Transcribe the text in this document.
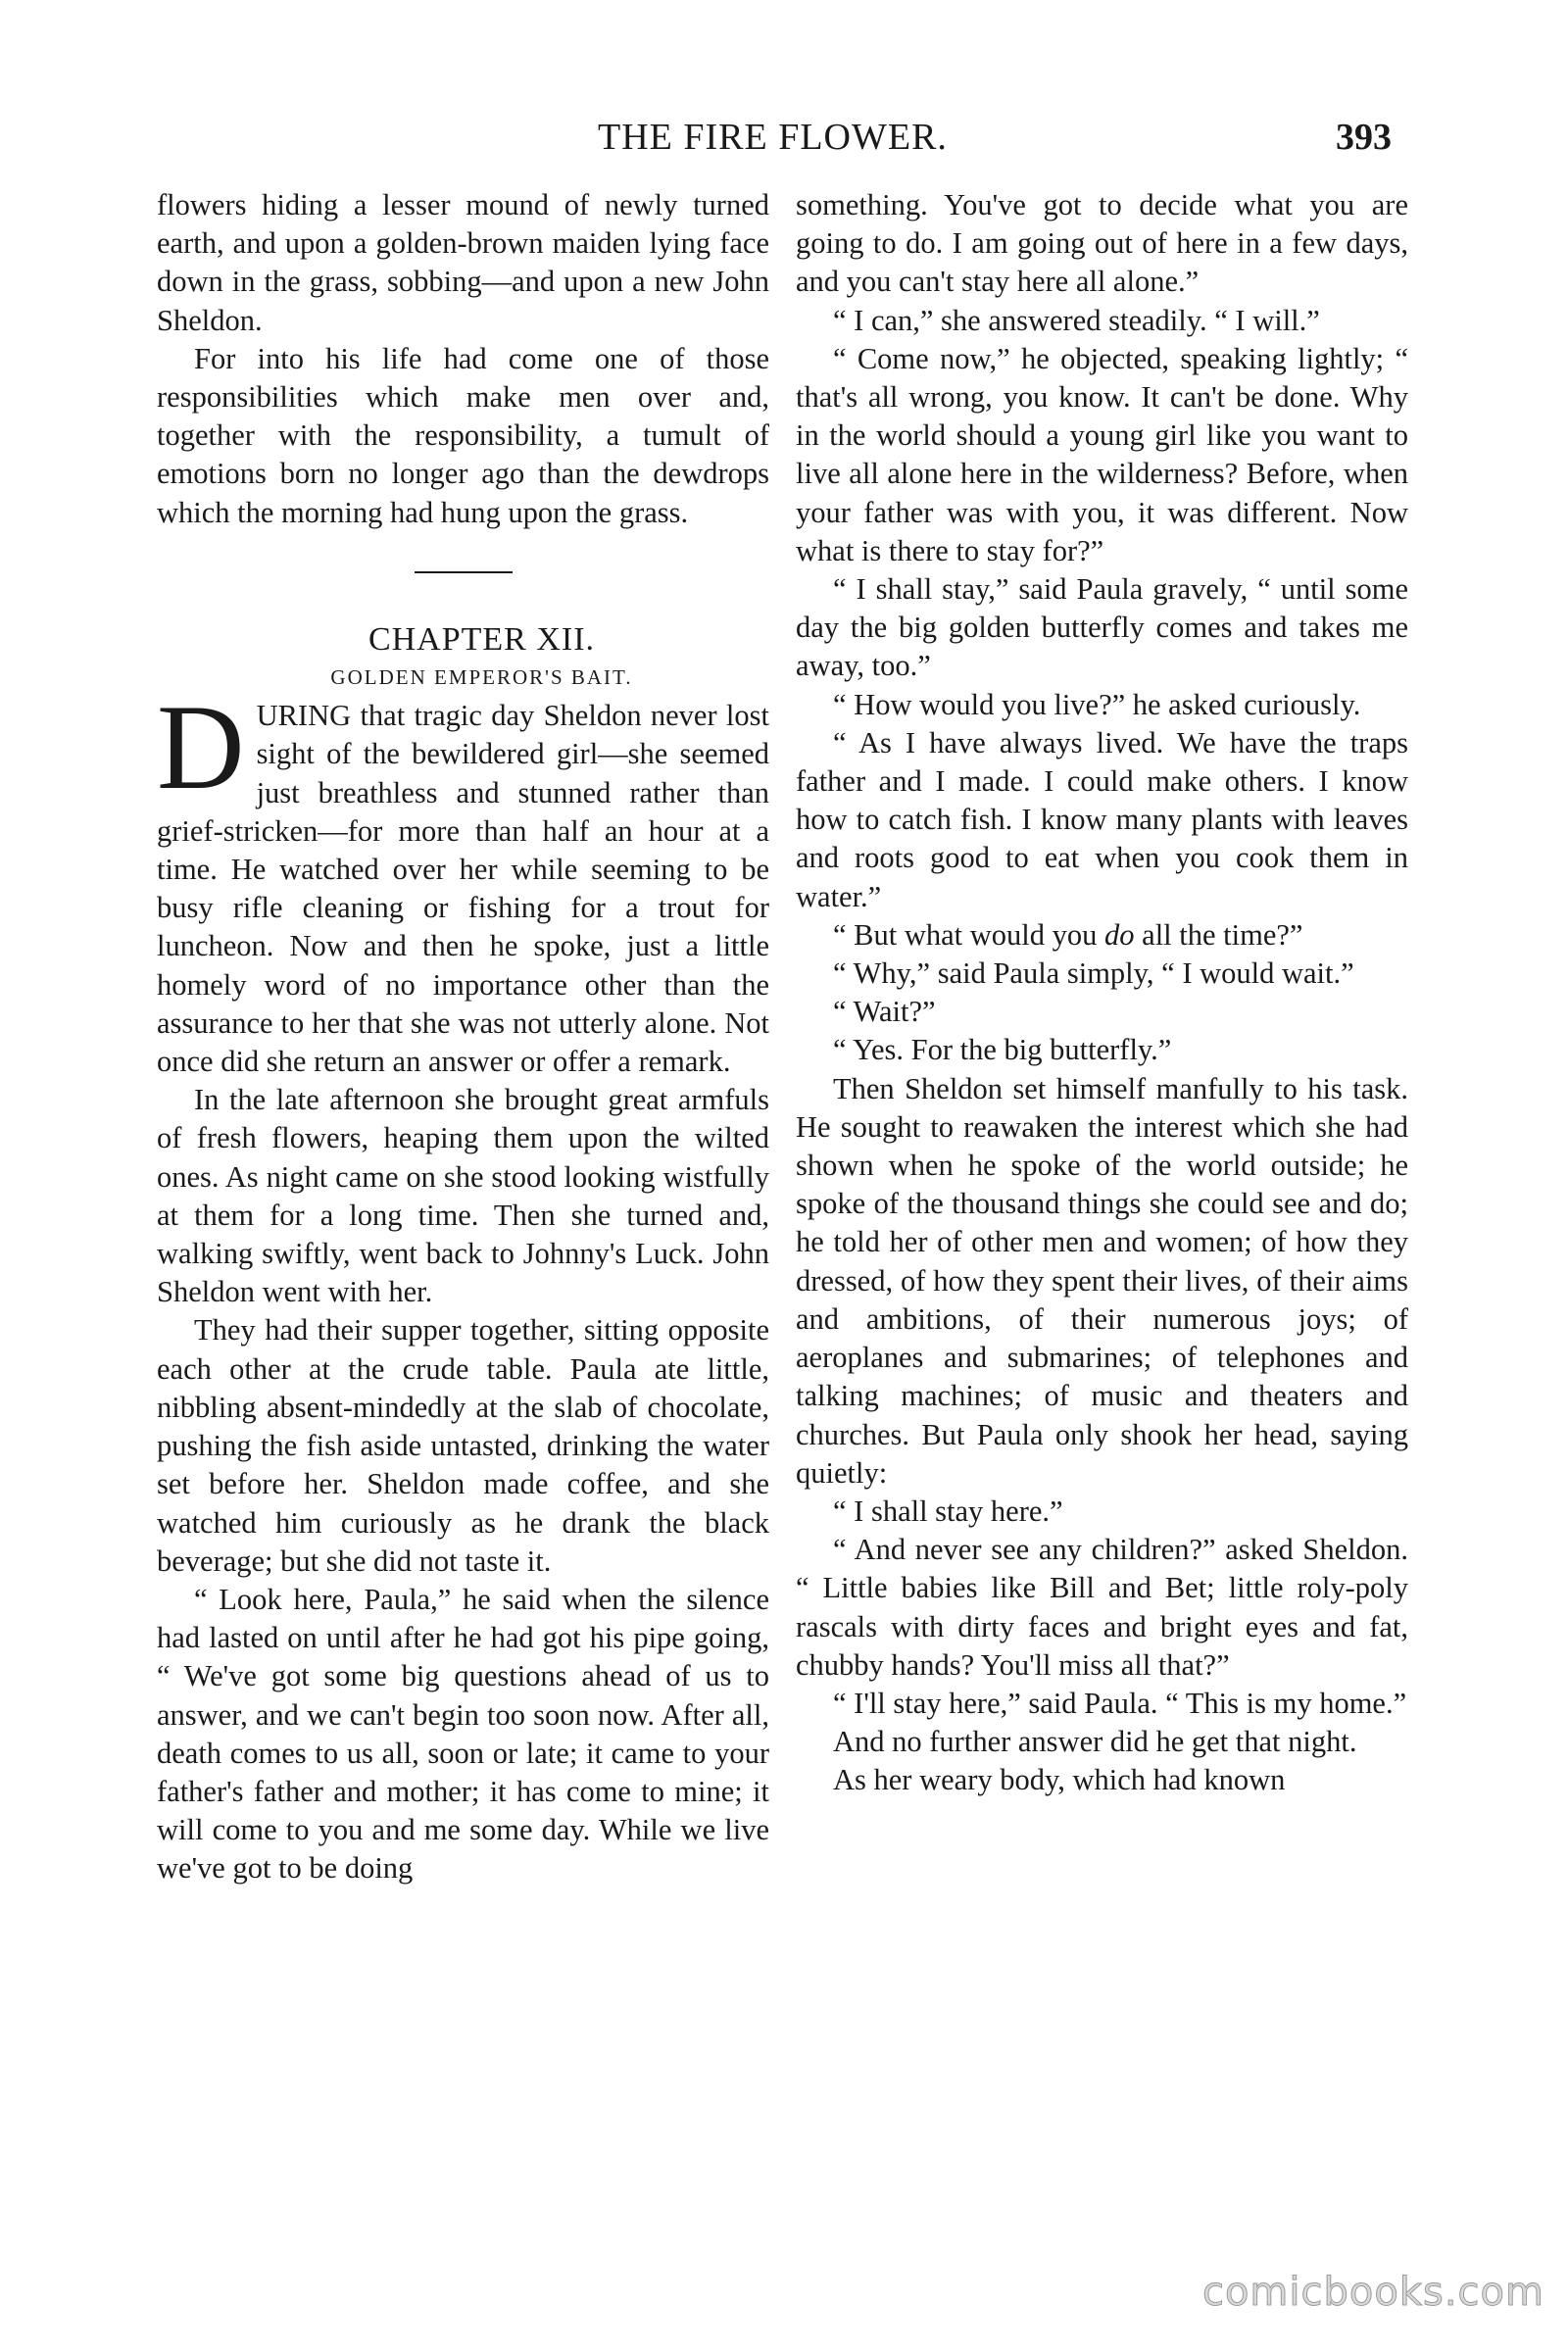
THE FIRE FLOWER.	393

flowers hiding a lesser mound of newly turned earth, and upon a golden-brown maiden lying face down in the grass, sobbing—and upon a new John Sheldon.

For into his life had come one of those responsibilities which make men over and, together with the responsibility, a tumult of emotions born no longer ago than the dewdrops which the morning had hung upon the grass.

CHAPTER XII.

GOLDEN EMPEROR'S BAIT.

DURING that tragic day Sheldon never lost sight of the bewildered girl—she seemed just breathless and stunned rather than grief-stricken—for more than half an hour at a time. He watched over her while seeming to be busy rifle cleaning or fishing for a trout for luncheon. Now and then he spoke, just a little homely word of no importance other than the assurance to her that she was not utterly alone. Not once did she return an answer or offer a remark.

In the late afternoon she brought great armfuls of fresh flowers, heaping them upon the wilted ones. As night came on she stood looking wistfully at them for a long time. Then she turned and, walking swiftly, went back to Johnny's Luck. John Sheldon went with her.

They had their supper together, sitting opposite each other at the crude table. Paula ate little, nibbling absent-mindedly at the slab of chocolate, pushing the fish aside untasted, drinking the water set before her. Sheldon made coffee, and she watched him curiously as he drank the black beverage; but she did not taste it.

“ Look here, Paula,” he said when the silence had lasted on until after he had got his pipe going, “ We've got some big questions ahead of us to answer, and we can't begin too soon now. After all, death comes to us all, soon or late; it came to your father's father and mother; it has come to mine; it will come to you and me some day. While we live we've got to be doing

something. You've got to decide what you are going to do. I am going out of here in a few days, and you can't stay here all alone.”

“ I can,” she answered steadily. “ I will.”

“ Come now,” he objected, speaking lightly; “ that's all wrong, you know. It can't be done. Why in the world should a young girl like you want to live all alone here in the wilderness? Before, when your father was with you, it was different. Now what is there to stay for?”

“ I shall stay,” said Paula gravely, “ until some day the big golden butterfly comes and takes me away, too.”

“ How would you live?” he asked curiously.

“ As I have always lived. We have the traps father and I made. I could make others. I know how to catch fish. I know many plants with leaves and roots good to eat when you cook them in water.”

“ But what would you do all the time?”

“ Why,” said Paula simply, “ I would wait.”

“ Wait?”

“ Yes. For the big butterfly.”

Then Sheldon set himself manfully to his task. He sought to reawaken the interest which she had shown when he spoke of the world outside; he spoke of the thousand things she could see and do; he told her of other men and women; of how they dressed, of how they spent their lives, of their aims and ambitions, of their numerous joys; of aeroplanes and submarines; of telephones and talking machines; of music and theaters and churches. But Paula only shook her head, saying quietly:

“ I shall stay here.”

“ And never see any children?” asked Sheldon. “ Little babies like Bill and Bet; little roly-poly rascals with dirty faces and bright eyes and fat, chubby hands? You'll miss all that?”

“ I'll stay here,” said Paula. “ This is my home.”

And no further answer did he get that night.

As her weary body, which had known

comicbooks.com
